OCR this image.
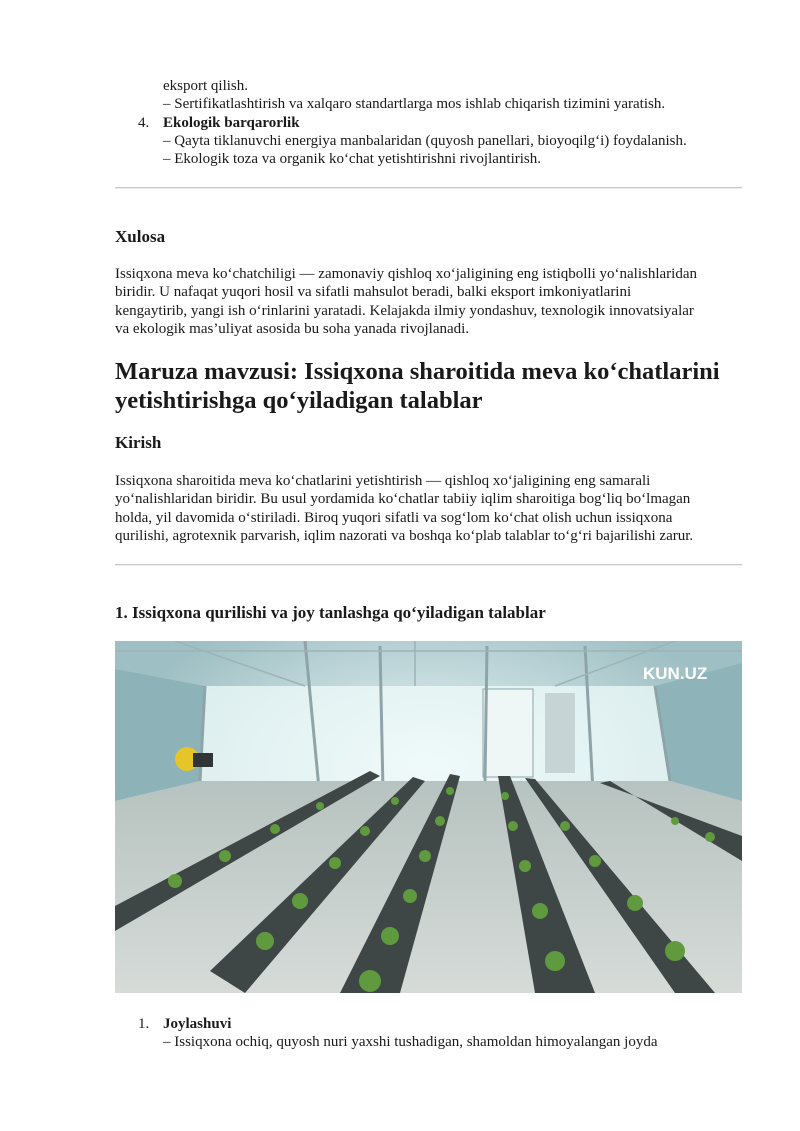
eksport qilish.
– Sertifikatlashtirish va xalqaro standartlarga mos ishlab chiqarish tizimini yaratish.
4. Ekologik barqarorlik
– Qayta tiklanuvchi energiya manbalaridan (quyosh panellari, bioyoqilg‘i) foydalanish.
– Ekologik toza va organik ko‘chat yetishtirishni rivojlantirish.
Xulosa
Issiqxona meva ko‘chatchiligi — zamonaviy qishloq xo‘jaligining eng istiqbolli yo‘nalishlaridan
biridir. U nafaqat yuqori hosil va sifatli mahsulot beradi, balki eksport imkoniyatlarini
kengaytirib, yangi ish o‘rinlarini yaratadi. Kelajakda ilmiy yondashuv, texnologik innovatsiyalar
va ekologik mas’uliyat asosida bu soha yanada rivojlanadi.
Maruza mavzusi: Issiqxona sharoitida meva ko‘chatlarini
yetishtirishga qo‘yiladigan talablar
Kirish
Issiqxona sharoitida meva ko‘chatlarini yetishtirish — qishloq xo‘jaligining eng samarali
yo‘nalishlaridan biridir. Bu usul yordamida ko‘chatlar tabiiy iqlim sharoitiga bog‘liq bo‘lmagan
holda, yil davomida o‘stiriladi. Biroq yuqori sifatli va sog‘lom ko‘chat olish uchun issiqxona
qurilishi, agrotexnik parvarish, iqlim nazorati va boshqa ko‘plab talablar to‘g‘ri bajarilishi zarur.
1. Issiqxona qurilishi va joy tanlashga qo‘yiladigan talablar
KUN.UZ
1. Joylashuvi
– Issiqxona ochiq, quyosh nuri yaxshi tushadigan, shamoldan himoyalangan joyda
